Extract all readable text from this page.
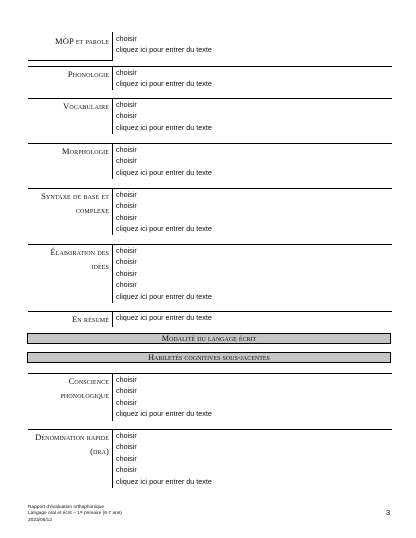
MOP et parole choisir
cliquez ici pour entrer du texte
Phonologie choisir
cliquez ici pour entrer du texte
Vocabulaire choisir
choisir
cliquez ici pour entrer du texte
Morphologie choisir
choisir
cliquez ici pour entrer du texte
Syntaxe de base et
complexe
choisir
choisir
choisir
cliquez ici pour entrer du texte
Élaboration des
idées
choisir
choisir
choisir
choisir
cliquez ici pour entrer du texte
En résumé cliquez ici pour entrer du texte
Modalité du langage écrit
Habiletés cognitives sous-jacentes
Conscience
phonologique
choisir
choisir
choisir
cliquez ici pour entrer du texte
Dénomination rapide
(dra)
choisir
choisir
choisir
choisir
cliquez ici pour entrer du texte
Rapport d’évaluation orthophonique
Langage oral et écrit – 1ʳᵉ primaire (6-7 ans)
2023/06/12
3
